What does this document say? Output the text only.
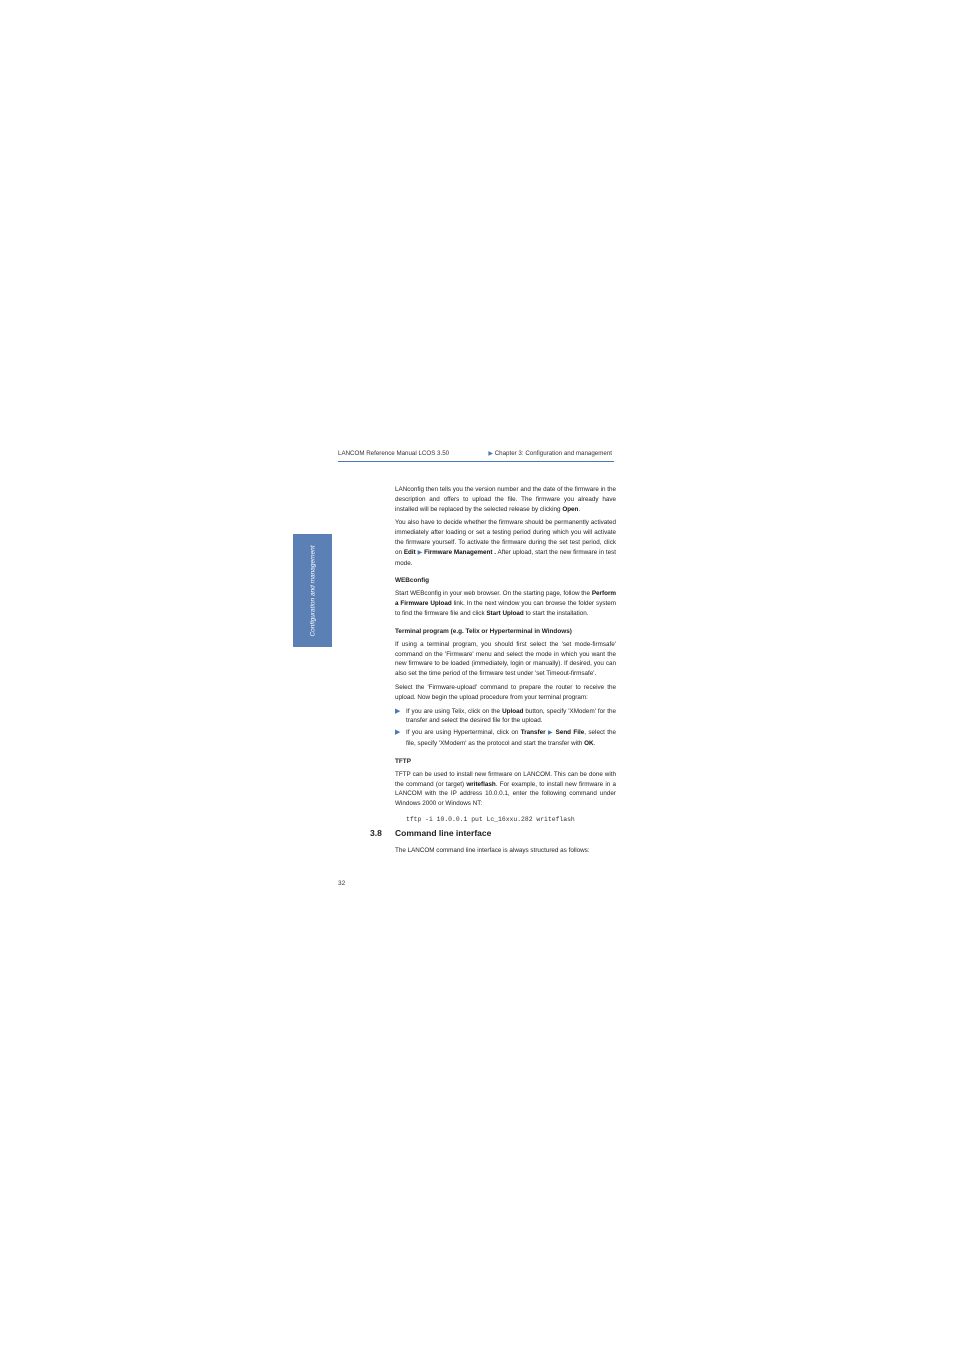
LANCOM Reference Manual LCOS 3.50	▶ Chapter 3: Configuration and management
Configuration and management

LANconfig then tells you the version number and the date of the firmware in the description and offers to upload the file. The firmware you already have installed will be replaced by the selected release by clicking Open.

You also have to decide whether the firmware should be permanently activated immediately after loading or set a testing period during which you will activate the firmware yourself. To activate the firmware during the set test period, click on Edit ▶ Firmware Management . After upload, start the new firmware in test mode.

WEBconfig

Start WEBconfig in your web browser. On the starting page, follow the Perform a Firmware Upload link. In the next window you can browse the folder system to find the firmware file and click Start Upload to start the installation.

Terminal program (e.g. Telix or Hyperterminal in Windows)

If using a terminal program, you should first select the 'set mode-firmsafe' command on the 'Firmware' menu and select the mode in which you want the new firmware to be loaded (immediately, login or manually). If desired, you can also set the time period of the firmware test under 'set Timeout-firmsafe'.

Select the 'Firmware-upload' command to prepare the router to receive the upload. Now begin the upload procedure from your terminal program:

▶ If you are using Telix, click on the Upload button, specify 'XModem' for the transfer and select the desired file for the upload.
▶ If you are using Hyperterminal, click on Transfer ▶ Send File, select the file, specify 'XModem' as the protocol and start the transfer with OK.
TFTP

TFTP can be used to install new firmware on LANCOM. This can be done with the command (or target) writeflash. For example, to install new firmware in a LANCOM with the IP address 10.0.0.1, enter the following command under Windows 2000 or Windows NT:

tftp -i 10.0.0.1 put Lc_16xxu.282 writeflash
3.8 Command line interface

The LANCOM command line interface is always structured as follows:

32
